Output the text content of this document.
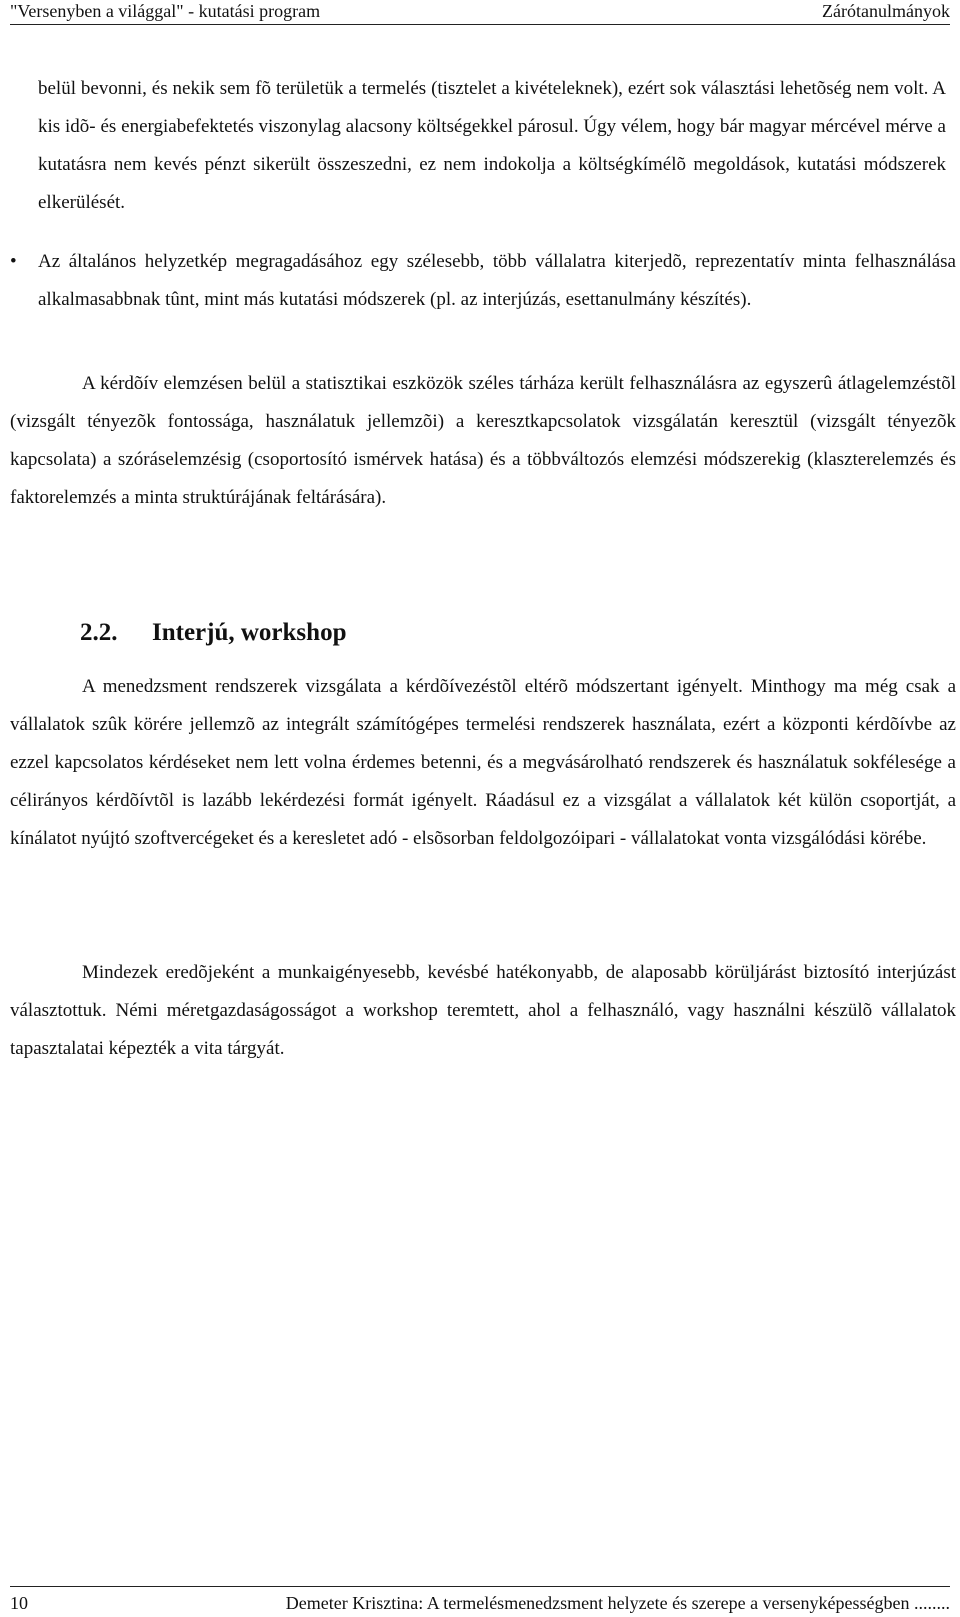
"Versenyben a világgal" - kutatási program	Zárótanulmányok

belül bevonni, és nekik sem fõ területük a termelés (tisztelet a kivételeknek), ezért sok választási lehetõség nem volt. A kis idõ- és energiabefektetés viszonylag alacsony költségekkel párosul. Úgy vélem, hogy bár magyar mércével mérve a kutatásra nem kevés pénzt sikerült összeszedni, ez nem indokolja a költségkímélõ megoldások, kutatási módszerek elkerülését.

•	Az általános helyzetkép megragadásához egy szélesebb, több vállalatra kiterjedõ, reprezentatív minta felhasználása alkalmasabbnak tûnt, mint más kutatási módszerek (pl. az interjúzás, esettanulmány készítés).

A kérdõív elemzésen belül a statisztikai eszközök széles tárháza került felhasználásra az egyszerû átlagelemzéstõl (vizsgált tényezõk fontossága, használatuk jellemzõi) a keresztkapcsolatok vizsgálatán keresztül (vizsgált tényezõk kapcsolata) a szóráselemzésig (csoportosító ismérvek hatása) és a többváltozós elemzési módszerekig (klaszterelemzés és faktorelemzés a minta struktúrájának feltárására).

2.2. Interjú, workshop

A menedzsment rendszerek vizsgálata a kérdõívezéstõl eltérõ módszertant igényelt. Minthogy ma még csak a vállalatok szûk körére jellemzõ az integrált számítógépes termelési rendszerek használata, ezért a központi kérdõívbe az ezzel kapcsolatos kérdéseket nem lett volna érdemes betenni, és a megvásárolható rendszerek és használatuk sokfélesége a célirányos kérdõívtõl is lazább lekérdezési formát igényelt. Ráadásul ez a vizsgálat a vállalatok két külön csoportját, a kínálatot nyújtó szoftvercégeket és a keresletet adó - elsõsorban feldolgozóipari - vállalatokat vonta vizsgálódási körébe.

Mindezek eredõjeként a munkaigényesebb, kevésbé hatékonyabb, de alaposabb körüljárást biztosító interjúzást választottuk. Némi méretgazdaságosságot a workshop teremtett, ahol a felhasználó, vagy használni készülõ vállalatok tapasztalatai képezték a vita tárgyát.

10	Demeter Krisztina: A termelésmenedzsment helyzete és szerepe a versenyképességben ........
